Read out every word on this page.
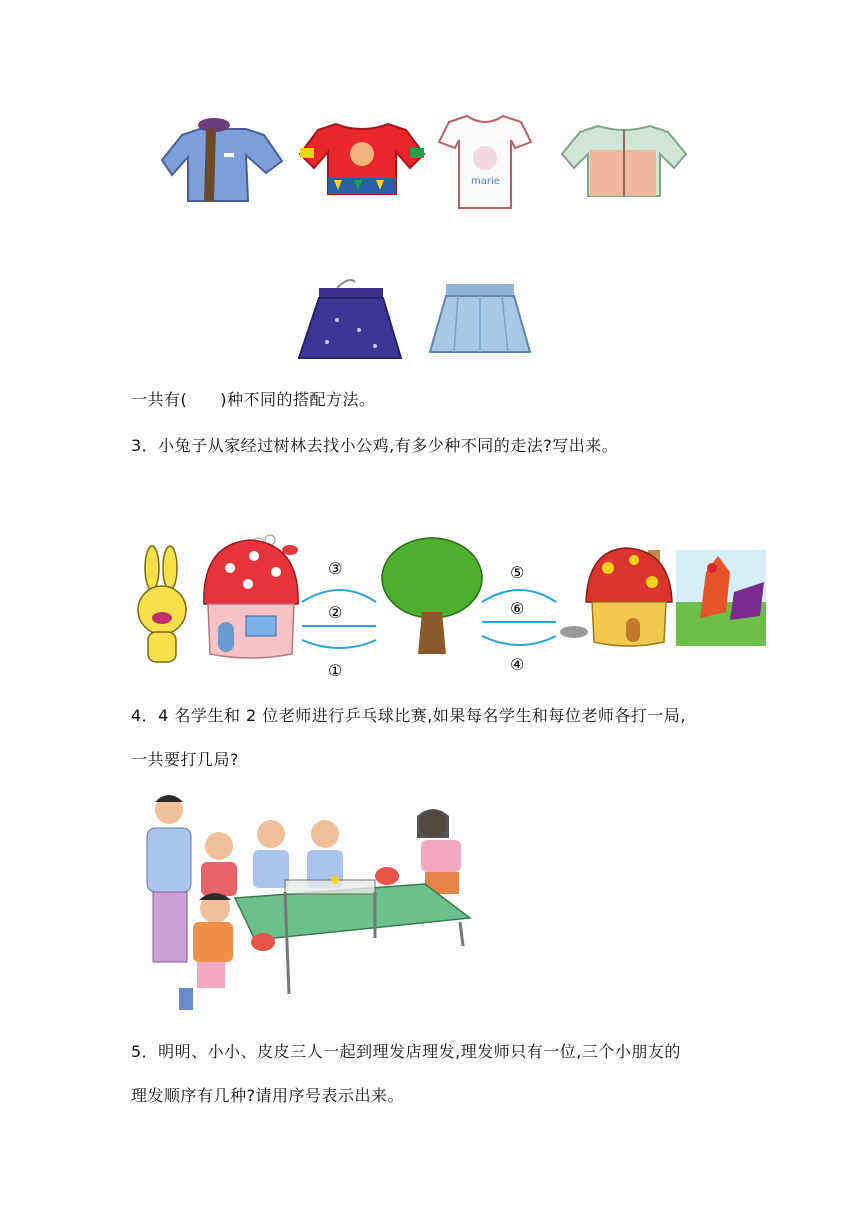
marie
一共有(　　)种不同的搭配方法。
3．小兔子从家经过树林去找小公鸡,有多少种不同的走法?写出来。
③
②
①
⑤
⑥
④
4．4 名学生和 2 位老师进行乒乓球比赛,如果每名学生和每位老师各打一局,
一共要打几局?
5．明明、小小、皮皮三人一起到理发店理发,理发师只有一位,三个小朋友的
理发顺序有几种?请用序号表示出来。
